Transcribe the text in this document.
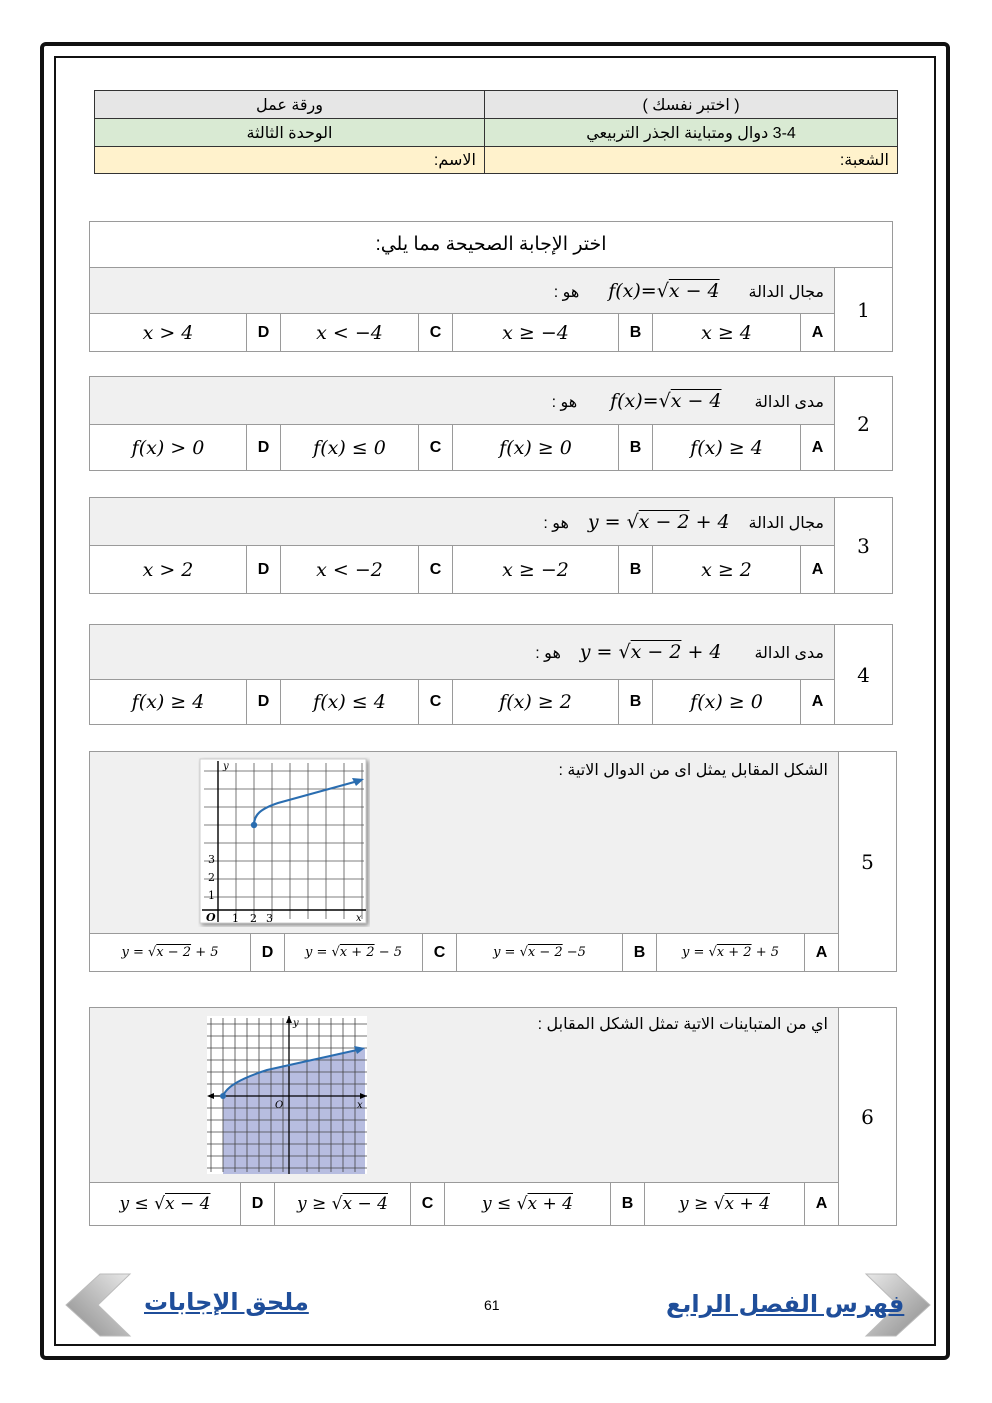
ورقة عمل	( اختبر نفسك )
الوحدة الثالثة	3-4 دوال ومتباينة الجذر التربيعي
الاسم:	الشعبة:
اختر الإجابة الصحيحة مما يلي:								
1	مجال الدالة  f(x)=√x − 4  هو :							
	A	x ≥ 4	B	x ≥ −4	C	x < −4	D	x > 4
2	مدى الدالة  f(x)=√x − 4  هو :							
	A	f(x) ≥ 4	B	f(x) ≥ 0	C	f(x) ≤ 0	D	f(x) > 0
3	مجال الدالة  y = √x − 2 + 4  هو :							
	A	x ≥ 2	B	x ≥ −2	C	x < −2	D	x > 2
4	مدى الدالة  y = √x − 2 + 4  هو :							
	A	f(x) ≥ 0	B	f(x) ≥ 2	C	f(x) ≤ 4	D	f(x) ≥ 4
5	الشكل المقابل يمثل اى من الدوال الاتية :							
	A	y = √x + 2 + 5	B	y = √x − 2 −5	C	y = √x + 2 − 5	D	y = √x − 2 + 5
y
x
O
3
2
1
1 2 3
6	اي من المتباينات الاتية تمثل الشكل المقابل :							
	A	y ≥ √x + 4	B	y ≤ √x + 4	C	y ≥ √x − 4	D	y ≤ √x − 4
y
x
O
فهرس الفصل الرابع
61
ملحق الإجابات
